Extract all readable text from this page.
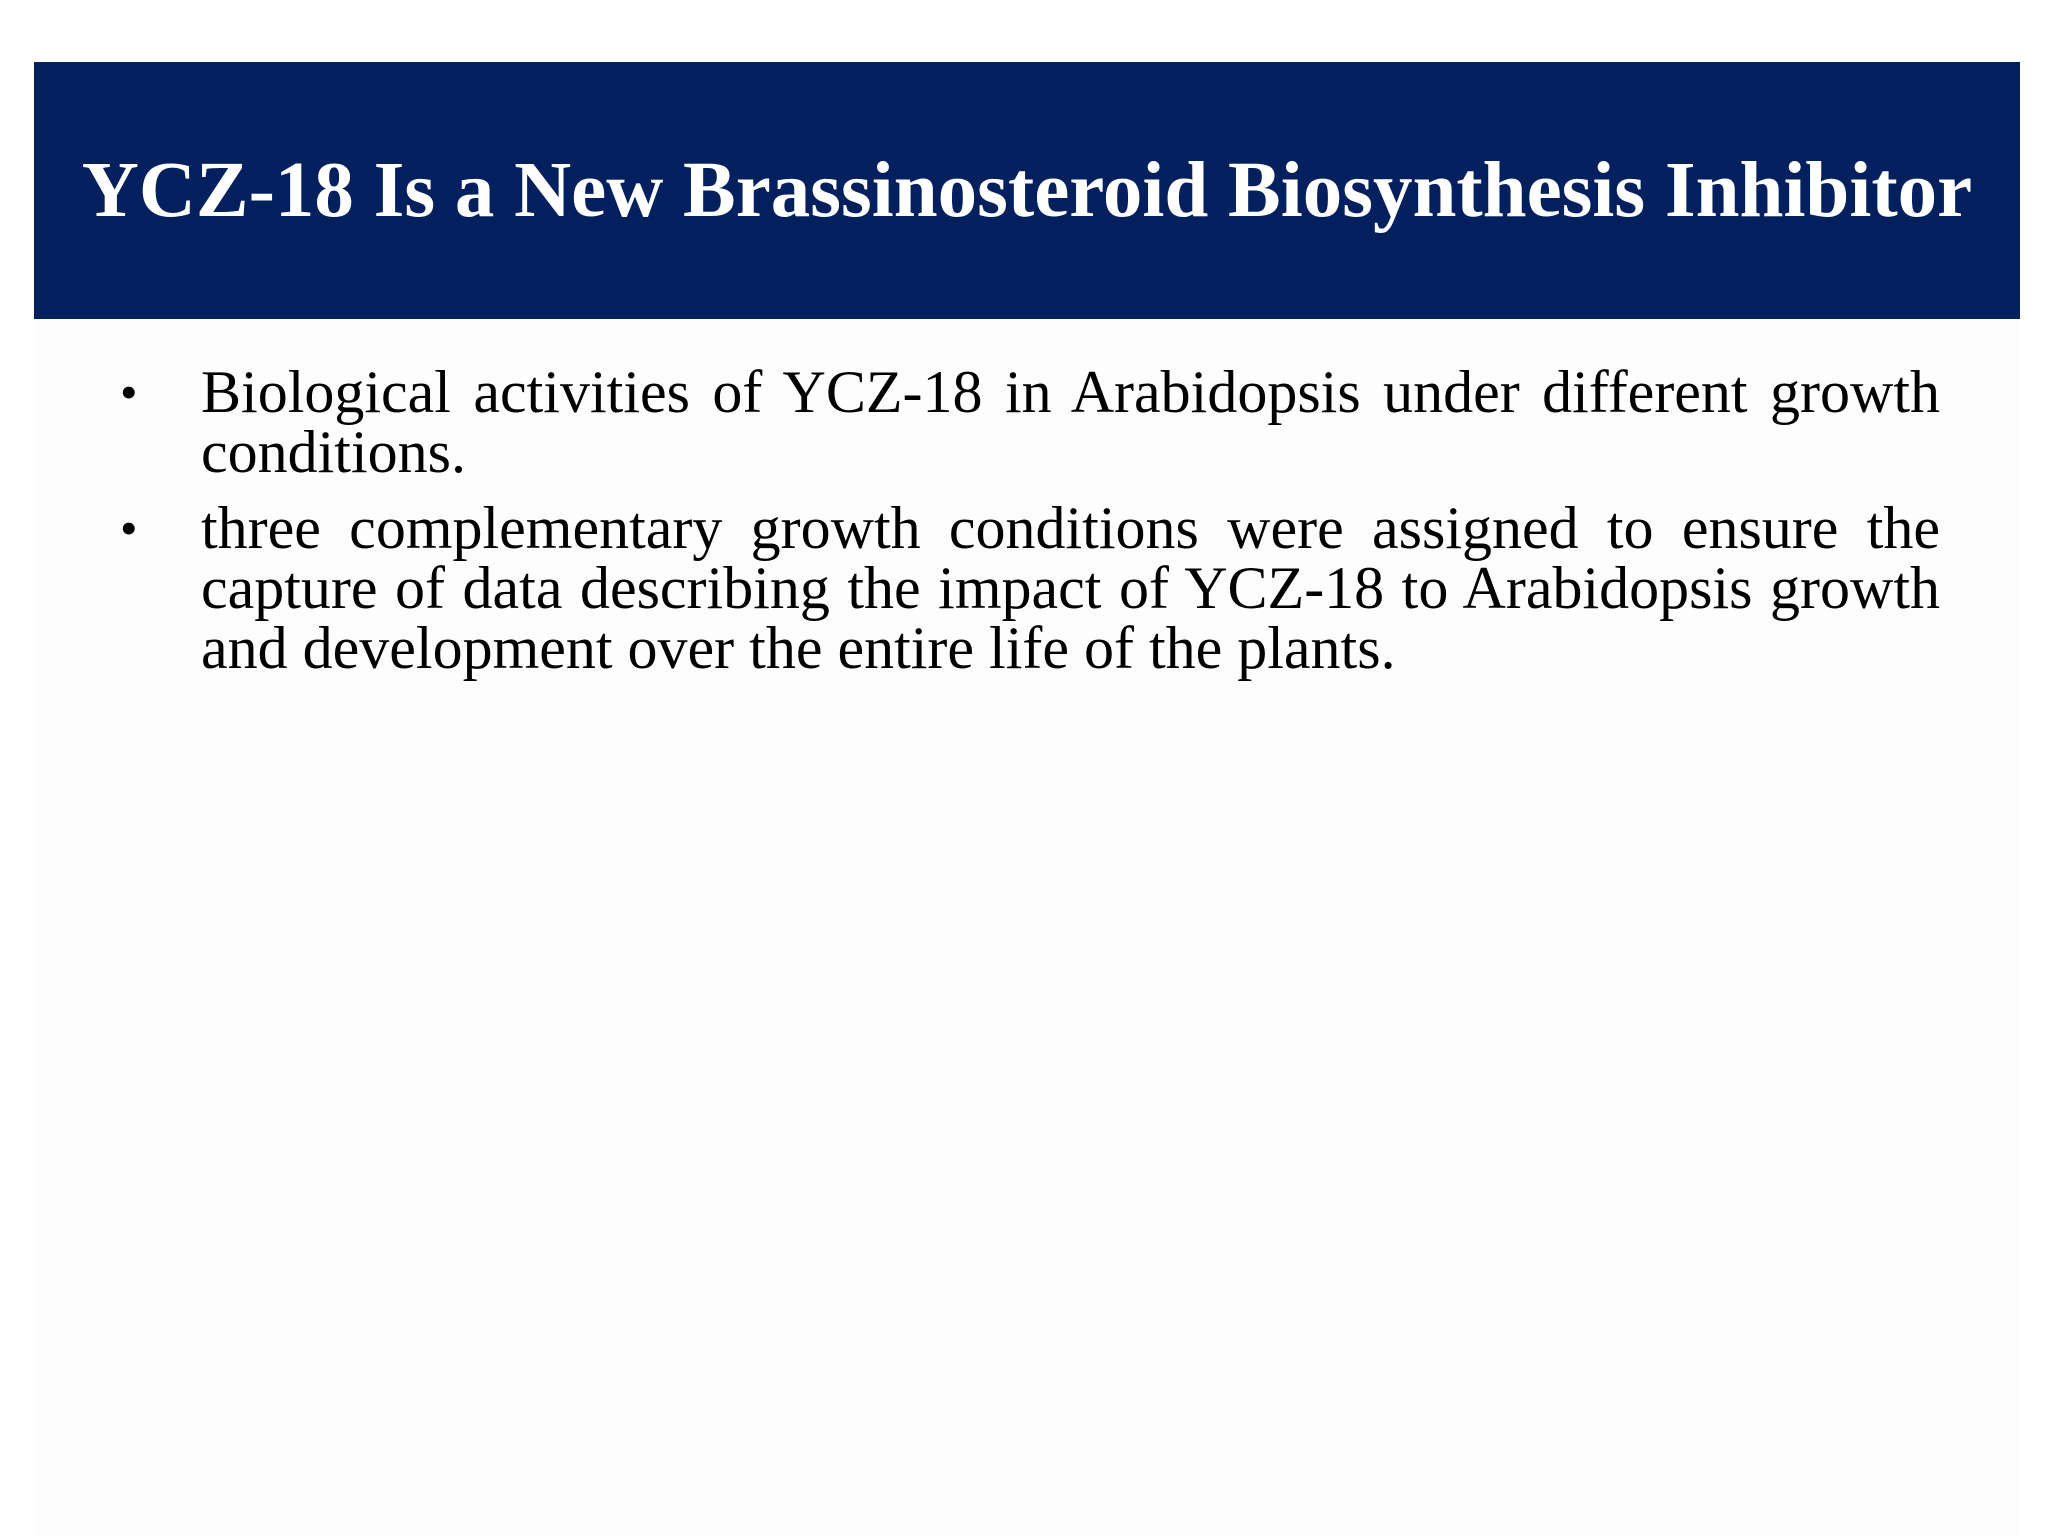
YCZ-18 Is a New Brassinosteroid Biosynthesis Inhibitor
•	Biological activities of YCZ-18 in Arabidopsis under different growth conditions.
•	three complementary growth conditions were assigned to ensure the capture of data describing the impact of YCZ-18 to Arabidopsis growth and development over the entire life of the plants.
